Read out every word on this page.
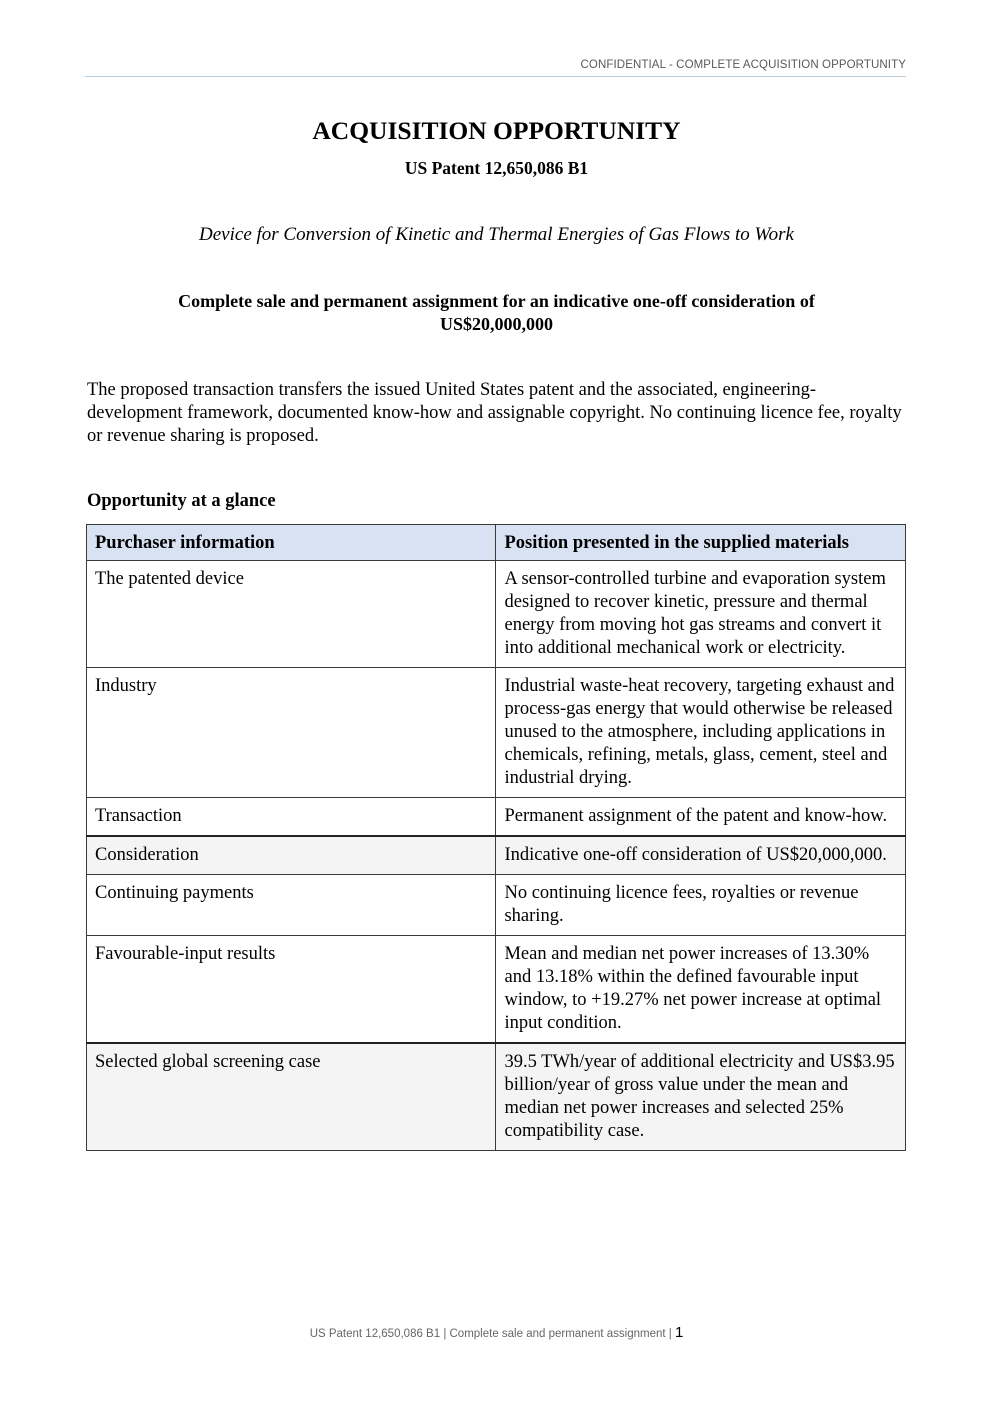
CONFIDENTIAL - COMPLETE ACQUISITION OPPORTUNITY
ACQUISITION OPPORTUNITY
US Patent 12,650,086 B1
Device for Conversion of Kinetic and Thermal Energies of Gas Flows to Work
Complete sale and permanent assignment for an indicative one-off consideration of US$20,000,000

The proposed transaction transfers the issued United States patent and the associated, engineering-development framework, documented know-how and assignable copyright. No continuing licence fee, royalty or revenue sharing is proposed.

Opportunity at a glance
Purchaser information	Position presented in the supplied materials
The patented device	A sensor-controlled turbine and evaporation system designed to recover kinetic, pressure and thermal energy from moving hot gas streams and convert it into additional mechanical work or electricity.
Industry	Industrial waste-heat recovery, targeting exhaust and process-gas energy that would otherwise be released unused to the atmosphere, including applications in chemicals, refining, metals, glass, cement, steel and industrial drying.
Transaction	Permanent assignment of the patent and know-how.
Consideration	Indicative one-off consideration of US$20,000,000.
Continuing payments	No continuing licence fees, royalties or revenue sharing.
Favourable-input results	Mean and median net power increases of 13.30% and 13.18% within the defined favourable input window, to +19.27% net power increase at optimal input condition.
Selected global screening case	39.5 TWh/year of additional electricity and US$3.95 billion/year of gross value under the mean and median net power increases and selected 25% compatibility case.
US Patent 12,650,086 B1 | Complete sale and permanent assignment | 1
